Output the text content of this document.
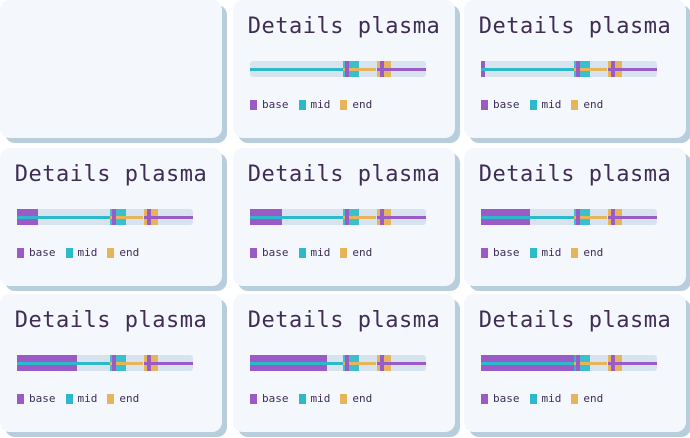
Details plasma
base mid end
Details plasma
base mid end
Details plasma
base mid end
Details plasma
base mid end
Details plasma
base mid end
Details plasma
base mid end
Details plasma
base mid end
Details plasma
base mid end
